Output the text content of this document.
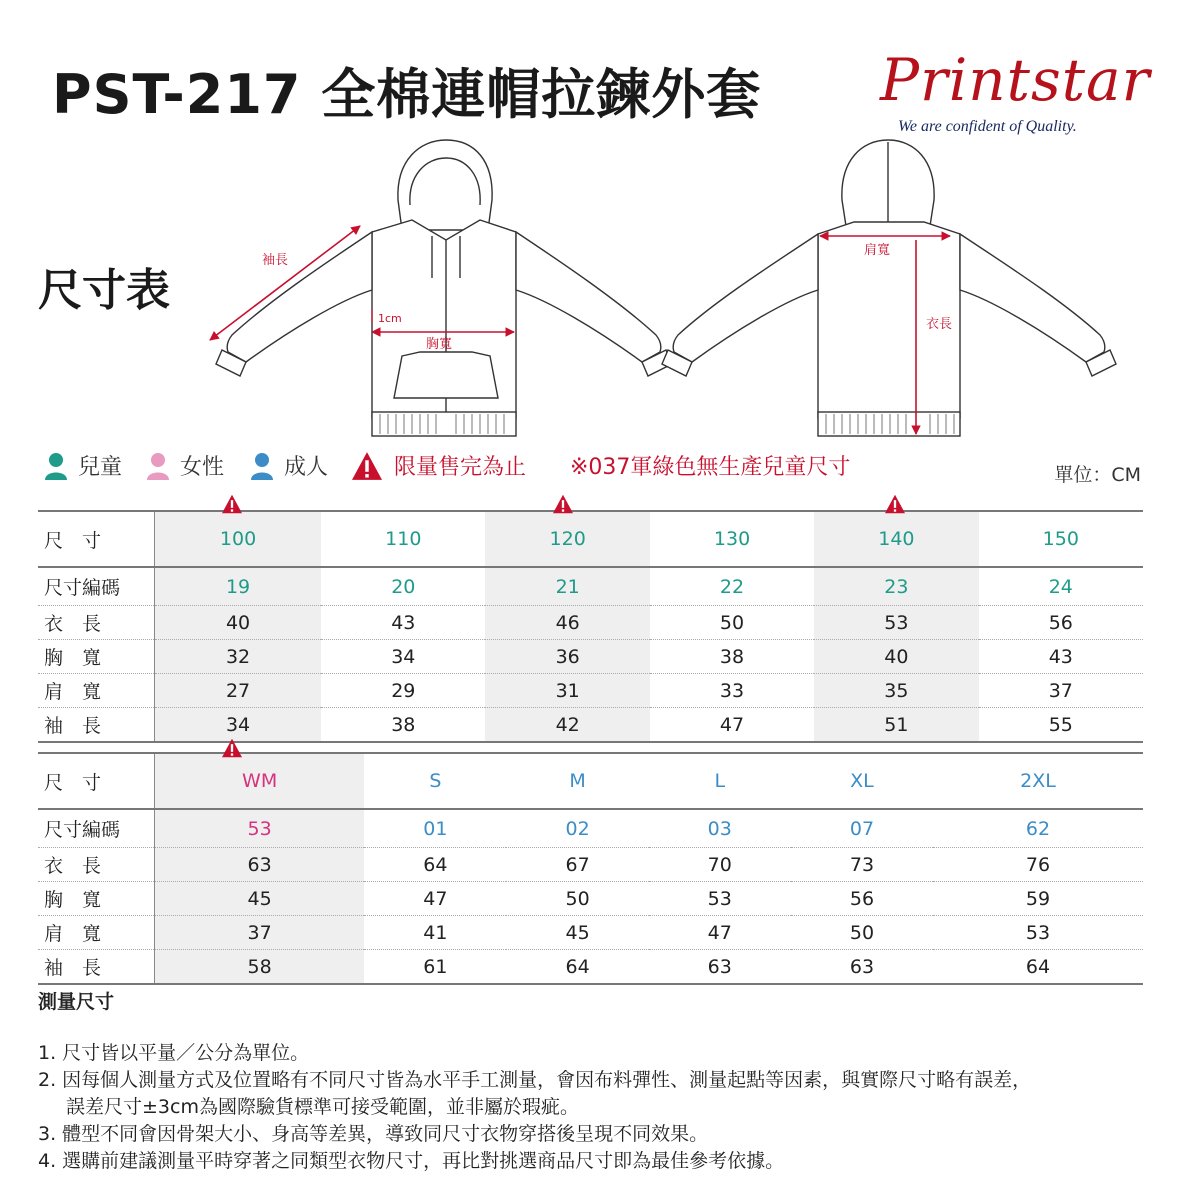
PST-217 全棉連帽拉鍊外套
尺寸表
Printstar
We are confident of Quality.
袖長
1cm
胸寬
肩寬
衣長
兒童	女性	成人	限量售完為止 ※037軍綠色無生產兒童尺寸	單位：CM
尺　寸	100	110	120	130	140	150
尺寸編碼	19	20	21	22	23	24
衣　長	40	43	46	50	53	56
胸　寬	32	34	36	38	40	43
肩　寬	27	29	31	33	35	37
袖　長	34	38	42	47	51	55
尺　寸	WM	S	M	L	XL	2XL
尺寸編碼	53	01	02	03	07	62
衣　長	63	64	67	70	73	76
胸　寬	45	47	50	53	56	59
肩　寬	37	41	45	47	50	53
袖　長	58	61	64	63	63	64
測量尺寸
1. 尺寸皆以平量／公分為單位。
2. 因每個人測量方式及位置略有不同尺寸皆為水平手工測量，會因布料彈性、測量起點等因素，與實際尺寸略有誤差，
誤差尺寸±3cm為國際驗貨標準可接受範圍，並非屬於瑕疵。
3. 體型不同會因骨架大小、身高等差異，導致同尺寸衣物穿搭後呈現不同效果。
4. 選購前建議測量平時穿著之同類型衣物尺寸，再比對挑選商品尺寸即為最佳參考依據。
